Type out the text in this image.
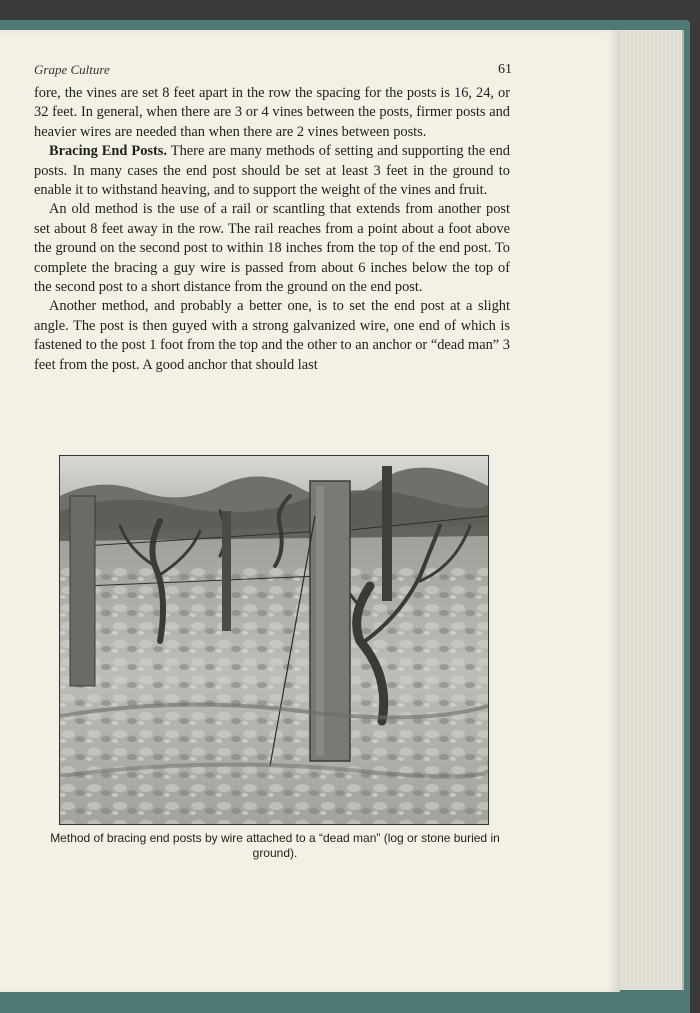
Grape Culture	61

fore, the vines are set 8 feet apart in the row the spacing for the posts is 16, 24, or 32 feet. In general, when there are 3 or 4 vines between the posts, firmer posts and heavier wires are needed than when there are 2 vines between posts.

Bracing End Posts. There are many methods of setting and supporting the end posts. In many cases the end post should be set at least 3 feet in the ground to enable it to withstand heaving, and to support the weight of the vines and fruit.

An old method is the use of a rail or scantling that extends from another post set about 8 feet away in the row. The rail reaches from a point about a foot above the ground on the second post to within 18 inches from the top of the end post. To complete the bracing a guy wire is passed from about 6 inches below the top of the second post to a short distance from the ground on the end post.

Another method, and probably a better one, is to set the end post at a slight angle. The post is then guyed with a strong galvanized wire, one end of which is fastened to the post 1 foot from the top and the other to an anchor or “dead man” 3 feet from the post. A good anchor that should last

Method of bracing end posts by wire attached to a “dead man” (log or stone buried in ground).
